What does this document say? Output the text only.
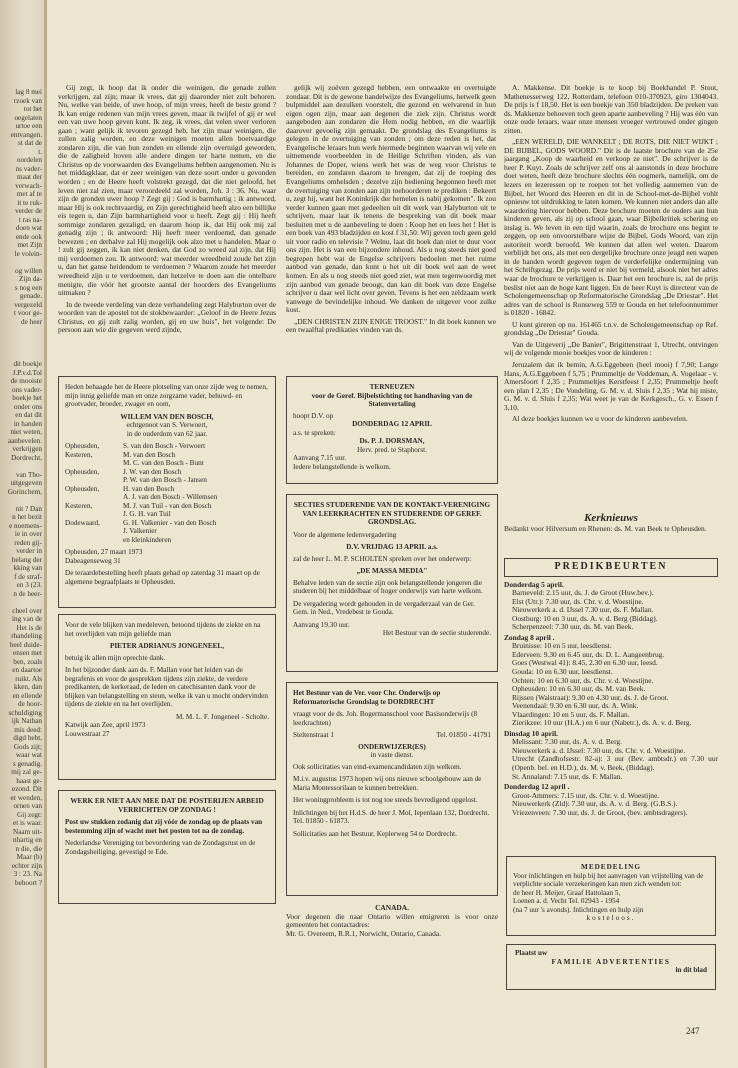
lag 8 mei
rzoek van
tot het
oegelaten
urtoe een
entvangen.
st dat de
t.
oordelen
ns vader-
maat der
verwach-
met af te
it te ruk-
verder de
t ras na-
doen wat
ende ook
met Zijn
le volein-

og willen
Zijn da-
s nog een
genade.
vergezeld
t voor ge-
de heer

dit boekje
J.P.v.d.Tol
de mooiste
ons vader-
boekje het
onder ons
en dat dit
in handen
niet weten,
aanbevelen.
verkrijgen
Dordrecht,

van Tho-
uitgegeven
Gorinchem,

nit ? Dan
n het bezit
e noemens-
ie in over
reden gij-
verder in
belang der
kking van
f de straf-
en 3 (23.
n de heer-

cheel over
ing van de
Het is de
rhandeling
heel duide-
ensen met
ben, zoals
en daartoe
ruikt. Als
kken, dan
en ellende
de hoor-
schuldiging
ijk Nathan
mis deed:
digd hebt,
Gods zijt;
waar wat
s genadig.
mij zal ge-
haast ge-
ezond. Dit
er wenden,
ornen van
Gij zegt:
et is waar.
Naam uit-
nhartig en
n die, die
Maar (b)
echter zijn
3 : 23. Na
behoort ?

Gij zegt, ik hoop dat ik onder die weinigen, die genade zullen verkrijgen, zal zijn; maar ik vrees, dat gij daaronder niet zult behoren. Nu, welke van beide, of uwe hoop, of mijn vrees, heeft de beste grond ? Ik kan enige redenen van mijn vrees geven, maar ik twijfel of gij er wel een van uwe hoop geven kunt. Ik zeg, ik vrees, dat velen uwer verloren gaan ; want gelijk ik tevoren gezegd heb, het zijn maar weinigen, die zullen zalig worden, en deze weinigen moeten allen boetvaardige zondaren zijn, die van hun zonden en ellende zijn overtuigd geworden, die de zaligheid hoven alle andere dingen ter harte nemen, en die Christus op de voorwaarden des Evangeliums hebben aangenomen. Nu is het middagklaar, dat er zeer weinigen van deze soort onder u gevonden worden ; en de Heere heeft volstrekt gezegd, dat die niet geloofd, het leven niet zal zien, maar veroordeeld zal worden, Joh. 3 : 36. Nu, waar zijn de gronden uwer hoop ? Zegt gij : God is barmhartig ; ik antwoord, maar Hij is ook rechtvaardig, en Zijn gerechtigheid heeft alzo een billijke eis tegen u, dan Zijn barmhartigheid voor u heeft. Zegt gij : Hij heeft sommige zondaren gezaligd, en daarom hoop ik, dat Hij ook mij zal genadig zijn ; ik antwoord: Hij heeft meer verdoemd, dan genade bewezen ; en derhalve zal Hij mogelijk ook alzo met u handelen. Maar o ! zult gij zeggen, ik kan niet denken, dat God zo wreed zal zijn, dat Hij mij verdoemen zou. Ik antwoord: wat meerder wreedheid zoude het zijn u, dan het ganse heidendom te verdoemen ? Waarom zoude het meerder wreedheid zijn u te verdoemen, dan hetzelve te doen aan die ontelbare menigte, die vóór het grootste aantal der hoorders des Evangeliums uitmaken ?

In de tweede verdeling van deze verhandeling zegt Halyburton over de woorden van de apostel tot de stokbewaarder: „Geloof in de Heere Jezus Christus, en gij zult zalig worden, gij en uw huis", het volgende: De persoon aan wie die gegeven werd zijnde,

gelijk wij zoëven gezegd hebben, een ontwaakte en overtuigde zondaar. Dit is de gewone handelwijze des Evangeliums, hetwelk geen bulpmiddel aan dezulken voorstelt, die gezond en welvarend in hun eigen ogen zijn, maar aan degenen die ziek zijn. Christus wordt aangeboden aan zondaren die Hem nodig hebben, en die waarlijk daarover gevoelig zijn gemaakt. De grondslag des Evangeliums is gelegen in de overtuiging van zonden ; om deze reden is het, dat Evangelische leraars hun werk hiermede beginnen waarvan wij vele en uitnemende voorbeelden in de Heilige Schriften vinden, als van Johannes de Doper, wiens werk het was de weg voor Christus te bereiden, en zondaren daarom te brengen, dat zij de roeping des Evangeliums omhelsden ; dezelve zijn bediening begonnen heeft met de overtuiging van zonden aan zijn toehoorderen te prediken : Bekeert u, zegt hij, want het Koninkrijk der hemelen is nabij gekomen". Ik zou verder kunnen gaan met gedeelten uit dit werk van Halyburton uit te schrijven, maar laat ik tenens de bespreking van dit boek maar besluiten met u de aanbeveling te doen : Koop het en lees het ! Het is een boek van 493 bladzijden en kost f 31,50. Wij geven toch geen geld uit voor radio en televisie ? Welnu, laat dit boek dan niet te duur voor ons zijn. Het is van een bijzondere inhoud. Als u nog steeds niet goed begrepen hebt wat de Engelse schrijvers bedoelen met het ruime aanbod van genade, dan kunt u het uit dit boek wel aan de weet komen. En als u nog steeds niet goed ziet, wat men tegenwoordig met zijn aanbod van genade beoogt, dan kan dit boek van deze Engelse schrijver u daar wel licht over geven. Tevens is het een zeldzaam werk vanwege de bevindelijke inhoud. We danken de uitgever voor zulke kost.

„DEN CHRISTEN ZIJN ENIGE TROOST." In dit boek kunnen we een twaalftal predikaties vinden van ds.

A. Makkense. Dit boekje is te koop bij Boekhandel P. Stout, Mathenesserweg 122, Rotterdam, telefoon 010-370923, giro 1304043. De prijs is f 18,50. Het is een boekje van 350 bladzijden. De preken van ds. Makkenze behoeven toch geen aparte aanbeveling ? Hij was één van onze oude leraars, waar onze mensen vroeger vertrouwd onder gingen zitten.

„EEN WERELD, DIE WANKELT ; DE ROTS, DIE NIET WIJKT ; DE BIJBEL, GODS WOORD." Dit is de laatste brochure van de 25e jaargang „Koop de waarheid en verkoop ze niet". De schrijver is de heer P. Kuyt. Zoals de schrijver zelf ons al aanstonds in deze brochure doet weten, heeft deze brochure slechts één oogmerk, namelijk, om de lezers en lezeressen op te roepen tot het volledig aannemen van de Bijbel, het Woord des Heeren en dit in de School-met-de-Bijbel vohlt opnieuw tot uitdrukking te laten komen. We kunnen niet anders dan alle waardering hiervoor hebben. Deze brochure moeten de ouders aan hun kinderen geven, als zij op school gaan, waar Bijbelkritiek schering en inslag is. We leven in een tijd waarin, zoals de brochure ons begint te zeggen, op een onvoorstelbare wijze de Bijbel, Gods Woord, van zijn autoriteit wordt beroofd. We kunnen dat allen wel weten. Daarom verblijdt het ons, als met een dergelijke brochure onze jeugd een wapen in de handen wordt gegeven tegen de verderfelijke ondermijning van het Schriftgezag. De prijs werd er niet bij vermeld, alsook niet het adres waar de brochure te verkrijgen is. Daar het een brochure is, zal de prijs beslist niet aan de hoge kant liggen. En de heer Kuyt is directeur van de Scholengemeenschap op Reformatorische Grondslag „De Driestar". Het adres van de school is Ronseweg 559 te Gouda en het telefoonnummer is 01820 - 16842.

U kunt gireren op no. 161465 t.n.v. de Scholengemeenschap op Ref. grondslag „De Driestar" Gouda.

Van de Uitgeverij „De Banier", Brigittenstraat 1, Utrecht, ontvingen wij de volgende mooie boekjes voor de kinderen :

Jeruzalem dat ik bemin, A.G.Eggebeen (heel mooi) f 7,90; Lange Hans, A.G.Eggebeen f 5,75 ; Prummeltje de Voddeman, A. Vogelaar - v. Amersfoort f 2,35 ; Prummeltjes Kerstfeest f 2,35; Prummeltje heeft een plan f 2,35 ; De Vondeling, G. M. v. d. Sluis f 2,35 ; Wat hij miste, G. M. v. d. Sluis f 2,35; Wat weet je van de Kerkgesch., G. v. Essen f 3,10.

Al deze boekjes kunnen we u voor de kinderen aanbevelen.

Kerknieuws

Bedankt voor Hilversum en Rhenen: ds. M. van Beek te Opheusden.

PREDIKBEURTEN
Donderdag 5 april.
Barneveld: 2.15 uur, ds. J. de Groot (Huw.bev.).
Elst (Utr.): 7.30 uur, ds. Chr. v. d. Woestijne.
Nieuwerkerk a. d. IJssel 7.30 uur, ds. F. Mallan.
Oostburg: 10 en 3 uur, ds. A. v. d. Berg (Biddag).
Scherpenzeel: 7.30 uur, ds. M. van Beek.
Zondag 8 april .
Bruinisse: 10 en 5 uur, leesdienst.
Ederveen: 9.30 en 6.45 uur, ds. D. L. Aangeenbrug.
Goes (Westwal 41): 8.45, 2.30 en 6.30 uur, leesd.
Gouda: 10 en 6.30 uur, leesdienst.
Ochten: 10 en 6.30 uur, ds. Chr. v. d. Woestijne.
Opheusden: 10 en 6.30 uur, ds. M. van Beek.
Rijssen (Walstraat): 9.30 en 4.30 uur, ds. J. de Groot.
Veenendaal: 9.30 en 6.30 uur, ds. A. Wink.
Vlaardingen: 10 en 5 uur, ds. F. Mallan.
Zierikzee: 10 uur (H.A.) en 6 uur (Nabetr.), ds. A. v. d. Berg.
Dinsdag 10 april.
Melissant: 7.30 uur, ds. A. v. d. Berg.
Nieuwerkerk a. d. IJssel: 7.30 uur, ds. Chr. v. d. Woestijne.
Utrecht (Zandhofsestr. 82-a): 3 uur (Bev. ambtsdr.) en 7.30 uur (Openb. bel. en H.D.), ds. M. v. Beek, (Biddag).
St. Annaland: 7.15 uur, ds. F. Mallan.
Donderdag 12 april .
Groot-Ammers: 7.15 uur, ds. Chr. v. d. Woestijne.
Nieuwerkerk (Zld): 7.30 uur, ds. A. v. d. Berg. (G.B.S.).
Vriezenveen: 7.30 uur, ds. J. de Groot, (bev. ambtsdragers).
MEDEDELING
Voor inlichtingen en hulp bij het aanvragen van vrijstelling van de verplichte sociale verzekeringen kan men zich wenden tot:
de heer H. Meijer, Graaf Hattolaan 5,
Loenen a. d. Vecht Tel. 02943 - 1954
(na 7 uur 's avonds). Inlichtingen en hulp zijn
kosteloos.
Plaatst uw
FAMILIE ADVERTENTIES
in dit blad

Heden behaagde het de Heere plotseling van onze zijde weg te nemen, mijn innig geliefde man en onze zorgzame vader, behuwd- en grootvader, broeder, zwager en oom,

WILLEM VAN DEN BOSCH,
echtgenoot van S. Verwoert,
in de ouderdom van 62 jaar.
Opheusden,	S. van den Bosch - Verwoert
Kesteren,	M. van den Bosch
M. C. van den Bosch - Bunt
Opheusden,	J. W. van den Bosch
P. W. van den Bosch - Jansen
Opheusden,	H. van den Bosch
A. J. van den Bosch - Willemsen
Kesteren,	M. J. van Tuil - van den Bosch
J. G. H. van Tuil
Dodewaard,	G. H. Valkenier - van den Bosch
J. Valkenier
en kleinkinderen
Opheusden, 27 maart 1973
Dabeagenseweg 31

De teraardebestelling heeft plaats gehad op zaterdag 31 maart op de algemene begraafplaats te Opheusden.

Voor de vele blijken van medeleven, betoond tijdens de ziekte en na het overlijden van mijn geliefde man

PIETER ADRIANUS JONGENEEL,

betuig ik allen mijn oprechte dank.

In het bijzonder dank aan ds. F. Mallan voor het leiden van de begrafenis en voor de gesprekken tijdens zijn ziekte, de verdere predikanten, de kerkeraad, de leden en catechisanten dank voor de blijken van belangstelling en steun, welke ik van u mocht ondervinden tijdens de ziekte en na het overlijden.

M. M. L. F. Jongeneel - Scholte.
Katwijk aan Zee, april 1973
Louwestraat 27

WERK ER NIET AAN MEE DAT DE POSTERIJEN ARBEID VERRICHTEN OP ZONDAG !

Post uw stukken zodanig dat zij vóór de zondag op de plaats van bestemming zijn of wacht met het posten tot na de zondag.

Nederlandse Vereniging tot bevordering van de Zondagsrust en de Zondagsheiliging, gevestigd te Ede.

TERNEUZEN
voor de Geref. Bijbelstichting tot handhaving van de Statenvertaling
hoopt D.V. op
DONDERDAG 12 APRIL
a.s. te spreken:
Ds. P. J. DORSMAN,
Herv. pred. te Staphorst.
Aanvang 7.15 uur.
Iedere belangstellende is welkom.

SECTIES STUDERENDE VAN DE KONTAKT-VERENIGING VAN LEERKRACHTEN EN STUDERENDE OP GEREF. GRONDSLAG.

Voor de algemene ledenvergadering

D.V. VRIJDAG 13 APRIL a.s.

zal de heer L. M. P. SCHOLTEN spreken over het onderwerp:

„DE MASSA MEDIA"

Behalve leden van de sectie zijn ook belangstellende jongeren die studeren bij het middelbaar of hoger onderwijs van harte welkom.

De vergadering wordt gehouden in de vergaderzaal van de Ger. Gem. in Ned., Vredebest te Gouda.

Aanvang 19.30 uur.
Het Bestuur van de sectie studerende.

Het Bestuur van de Ver. voor Chr. Onderwijs op Reformatorische Grondslag te DORDRECHT

vraagt voor de ds. Joh. Bogermanschool voor Basisonderwijs (8 leerkrachten)

Steltenstraat 1	Tel. 01850 - 41791
ONDERWIJZER(ES)
in vaste dienst.

Ook sollicitaties van eind-examencandidaten zijn welkom.

M.i.v. augustus 1973 hopen wij ons nieuwe schoolgebouw aan de Maria Montessorilaan te kunnen betrekken.

Het woningprobleem is tot nog toe steeds bevredigend opgelost.

Inlichtingen bij het H.d.S. de heer J. Mol, Iepenlaan 132, Dordrecht. Tel. 01850 - 61873.

Sollicitaties aan het Bestuur, Keplerweg 54 te Dordrecht.

CANADA.
Voor degenen die naar Ontario willen emigreren is voor onze gemeenten het contactadres:
Mr. G. Overeem, R.R.1, Norwicht, Ontario, Canada.
247
